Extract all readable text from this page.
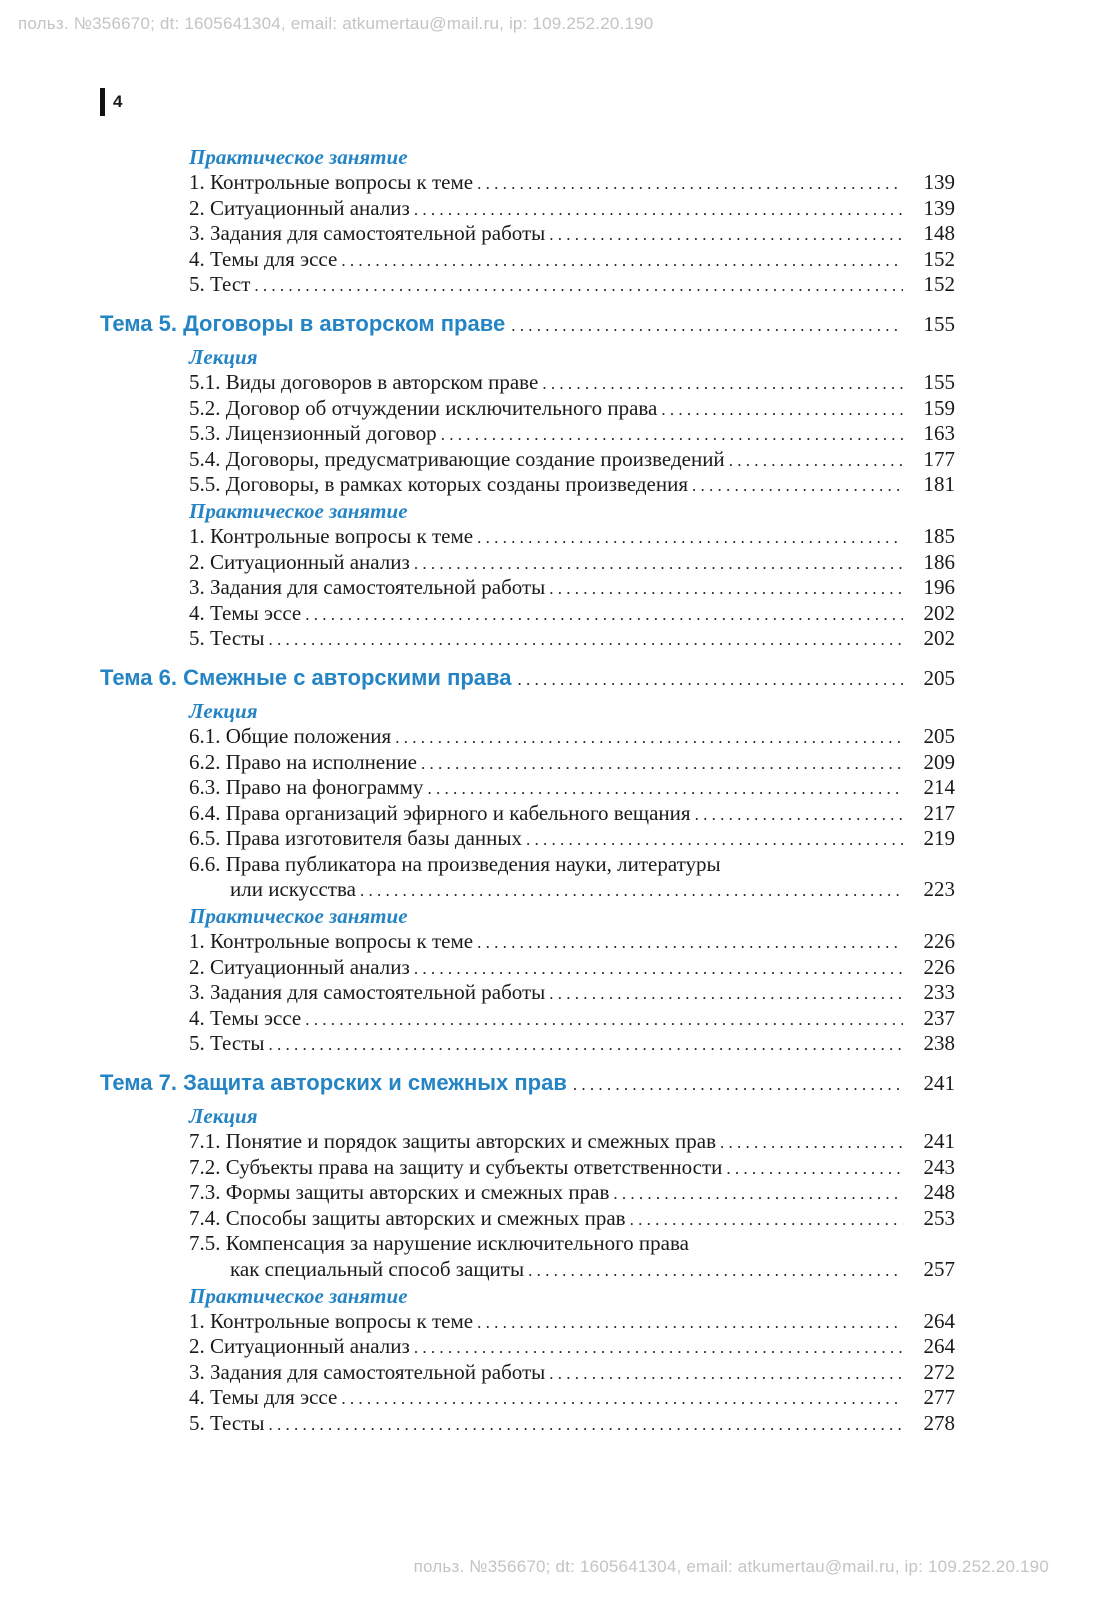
польз. №356670; dt: 1605641304, email: atkumertau@mail.ru, ip: 109.252.20.190
4
Практическое занятие
1. Контрольные вопросы к теме . . .	139
2. Ситуационный анализ . . .	139
3. Задания для самостоятельной работы . . .	148
4. Темы для эссе . . .	152
5. Тест . . .	152
Тема 5. Договоры в авторском праве . . .	155
Лекция
5.1. Виды договоров в авторском праве . . .	155
5.2. Договор об отчуждении исключительного права . . .	159
5.3. Лицензионный договор . . .	163
5.4. Договоры, предусматривающие создание произведений . . .	177
5.5. Договоры, в рамках которых созданы произведения . . .	181
Практическое занятие
1. Контрольные вопросы к теме . . .	185
2. Ситуационный анализ . . .	186
3. Задания для самостоятельной работы . . .	196
4. Темы эссе . . .	202
5. Тесты . . .	202
Тема 6. Смежные с авторскими права . . .	205
Лекция
6.1. Общие положения . . .	205
6.2. Право на исполнение . . .	209
6.3. Право на фонограмму . . .	214
6.4. Права организаций эфирного и кабельного вещания . . .	217
6.5. Права изготовителя базы данных . . .	219
6.6. Права публикатора на произведения науки, литературы
или искусства . . .	223
Практическое занятие
1. Контрольные вопросы к теме . . .	226
2. Ситуационный анализ . . .	226
3. Задания для самостоятельной работы . . .	233
4. Темы эссе . . .	237
5. Тесты . . .	238
Тема 7. Защита авторских и смежных прав . . .	241
Лекция
7.1. Понятие и порядок защиты авторских и смежных прав . . .	241
7.2. Субъекты права на защиту и субъекты ответственности . . .	243
7.3. Формы защиты авторских и смежных прав . . .	248
7.4. Способы защиты авторских и смежных прав . . .	253
7.5. Компенсация за нарушение исключительного права
как специальный способ защиты . . .	257
Практическое занятие
1. Контрольные вопросы к теме . . .	264
2. Ситуационный анализ . . .	264
3. Задания для самостоятельной работы . . .	272
4. Темы для эссе . . .	277
5. Тесты . . .	278
польз. №356670; dt: 1605641304, email: atkumertau@mail.ru, ip: 109.252.20.190
